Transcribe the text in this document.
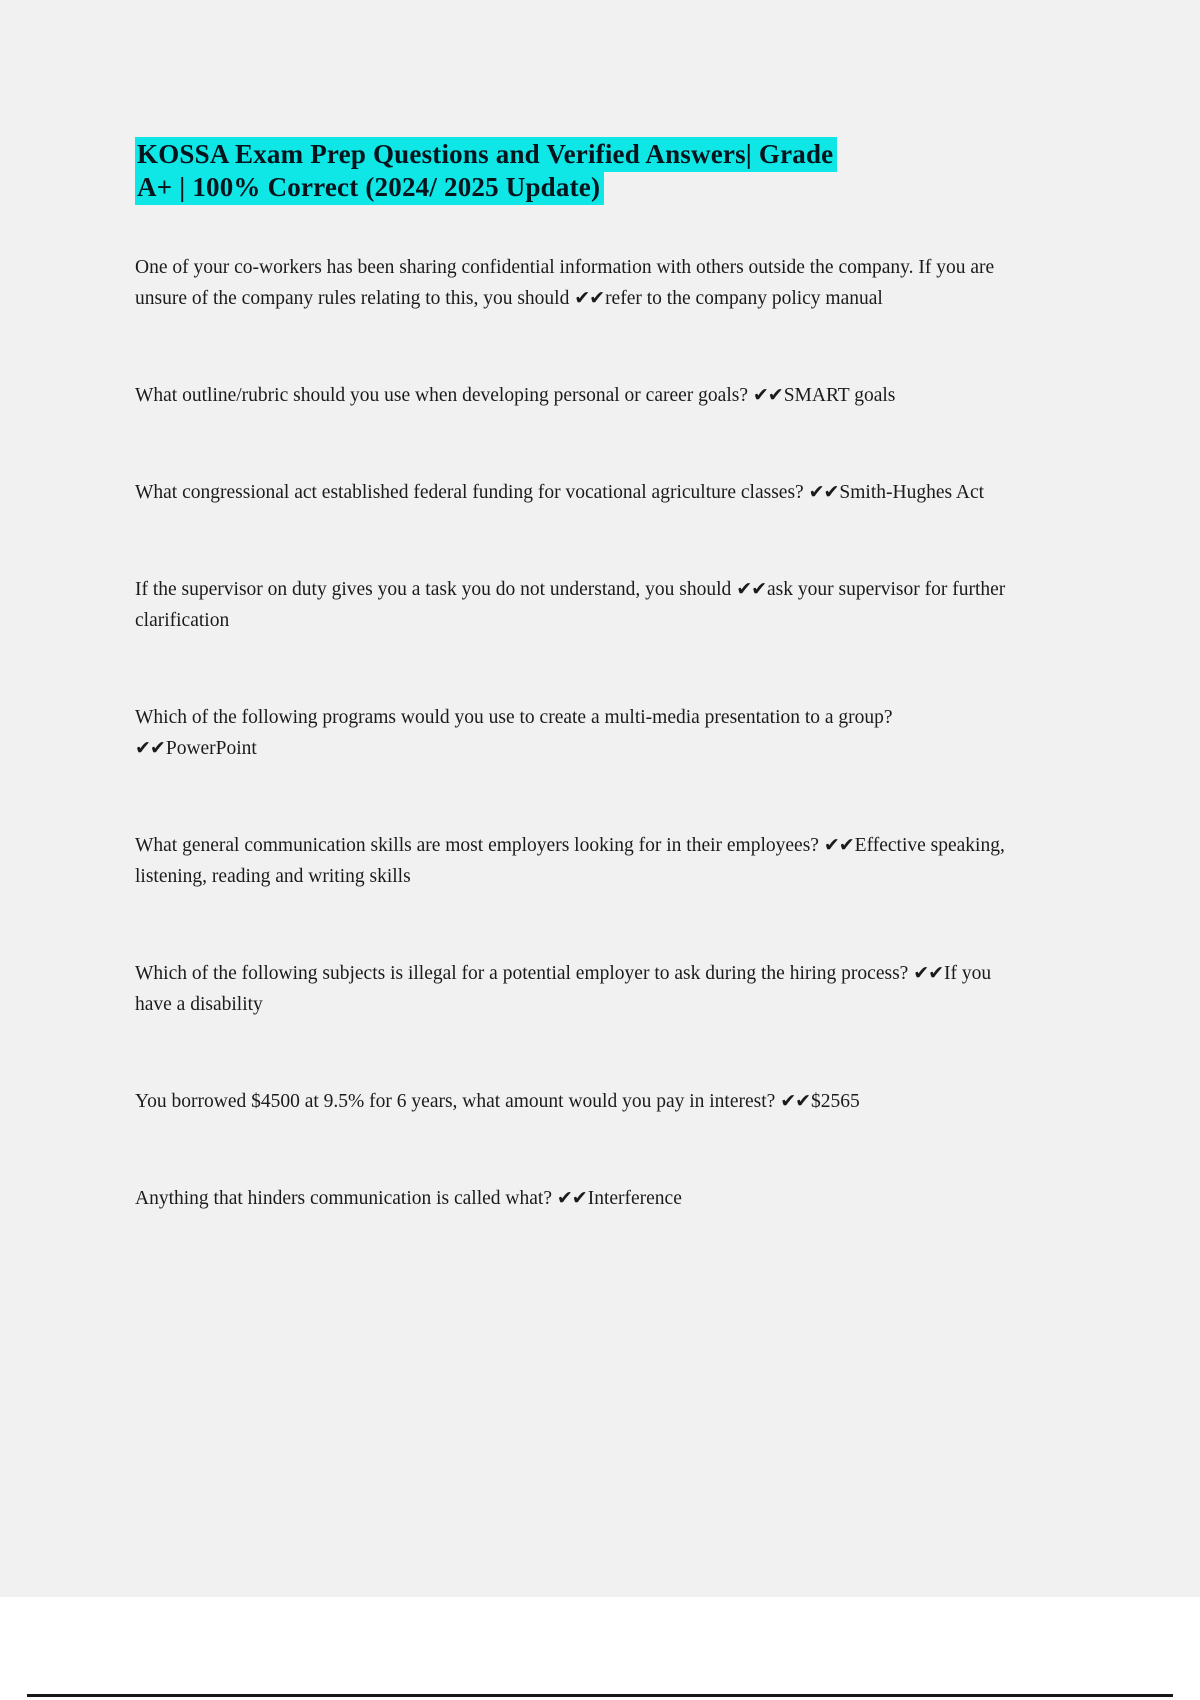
KOSSA Exam Prep Questions and Verified Answers| Grade
A+ | 100% Correct (2024/ 2025 Update)

One of your co-workers has been sharing confidential information with others outside the company. If you are unsure of the company rules relating to this, you should ✔✔refer to the company policy manual

What outline/rubric should you use when developing personal or career goals? ✔✔SMART goals

What congressional act established federal funding for vocational agriculture classes? ✔✔Smith-Hughes Act

If the supervisor on duty gives you a task you do not understand, you should ✔✔ask your supervisor for further clarification

Which of the following programs would you use to create a multi-media presentation to a group? ✔✔PowerPoint

What general communication skills are most employers looking for in their employees? ✔✔Effective speaking, listening, reading and writing skills

Which of the following subjects is illegal for a potential employer to ask during the hiring process? ✔✔If you have a disability

You borrowed $4500 at 9.5% for 6 years, what amount would you pay in interest? ✔✔$2565

Anything that hinders communication is called what? ✔✔Interference
